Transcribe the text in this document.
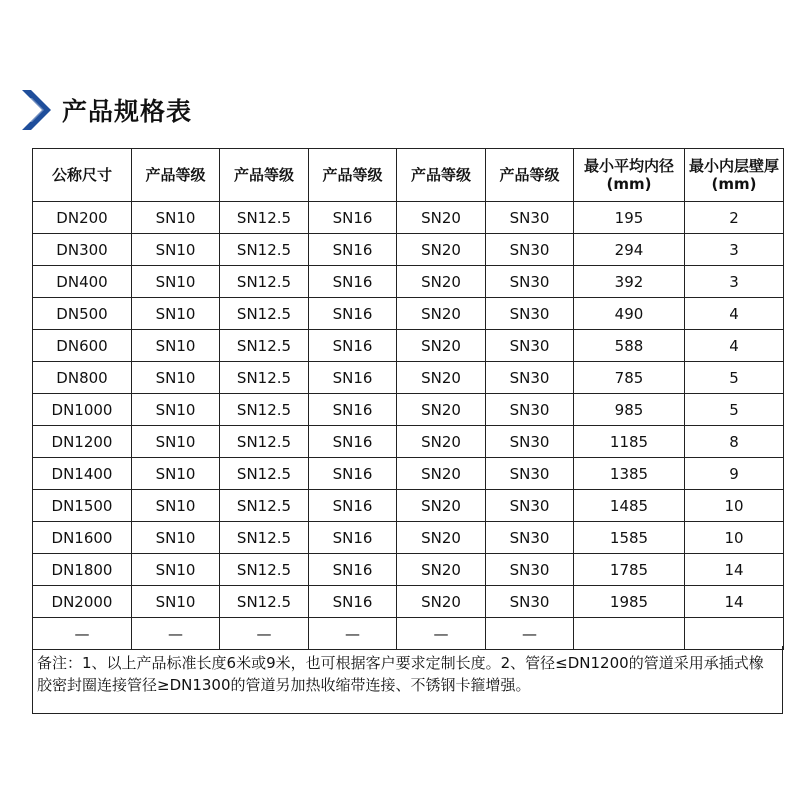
产品规格表
公称尺寸	产品等级	产品等级	产品等级	产品等级	产品等级	最小平均内径(mm)	最小内层壁厚(mm)
DN200	SN10	SN12.5	SN16	SN20	SN30	195	2
DN300	SN10	SN12.5	SN16	SN20	SN30	294	3
DN400	SN10	SN12.5	SN16	SN20	SN30	392	3
DN500	SN10	SN12.5	SN16	SN20	SN30	490	4
DN600	SN10	SN12.5	SN16	SN20	SN30	588	4
DN800	SN10	SN12.5	SN16	SN20	SN30	785	5
DN1000	SN10	SN12.5	SN16	SN20	SN30	985	5
DN1200	SN10	SN12.5	SN16	SN20	SN30	1185	8
DN1400	SN10	SN12.5	SN16	SN20	SN30	1385	9
DN1500	SN10	SN12.5	SN16	SN20	SN30	1485	10
DN1600	SN10	SN12.5	SN16	SN20	SN30	1585	10
DN1800	SN10	SN12.5	SN16	SN20	SN30	1785	14
DN2000	SN10	SN12.5	SN16	SN20	SN30	1985	14
—	—	—	—	—	—		

备注：1、以上产品标准长度6米或9米，也可根据客户要求定制长度。2、管径≤DN1200的管道采用承插式橡胶密封圈连接管径≥DN1300的管道另加热收缩带连接、不锈钢卡箍增强。
